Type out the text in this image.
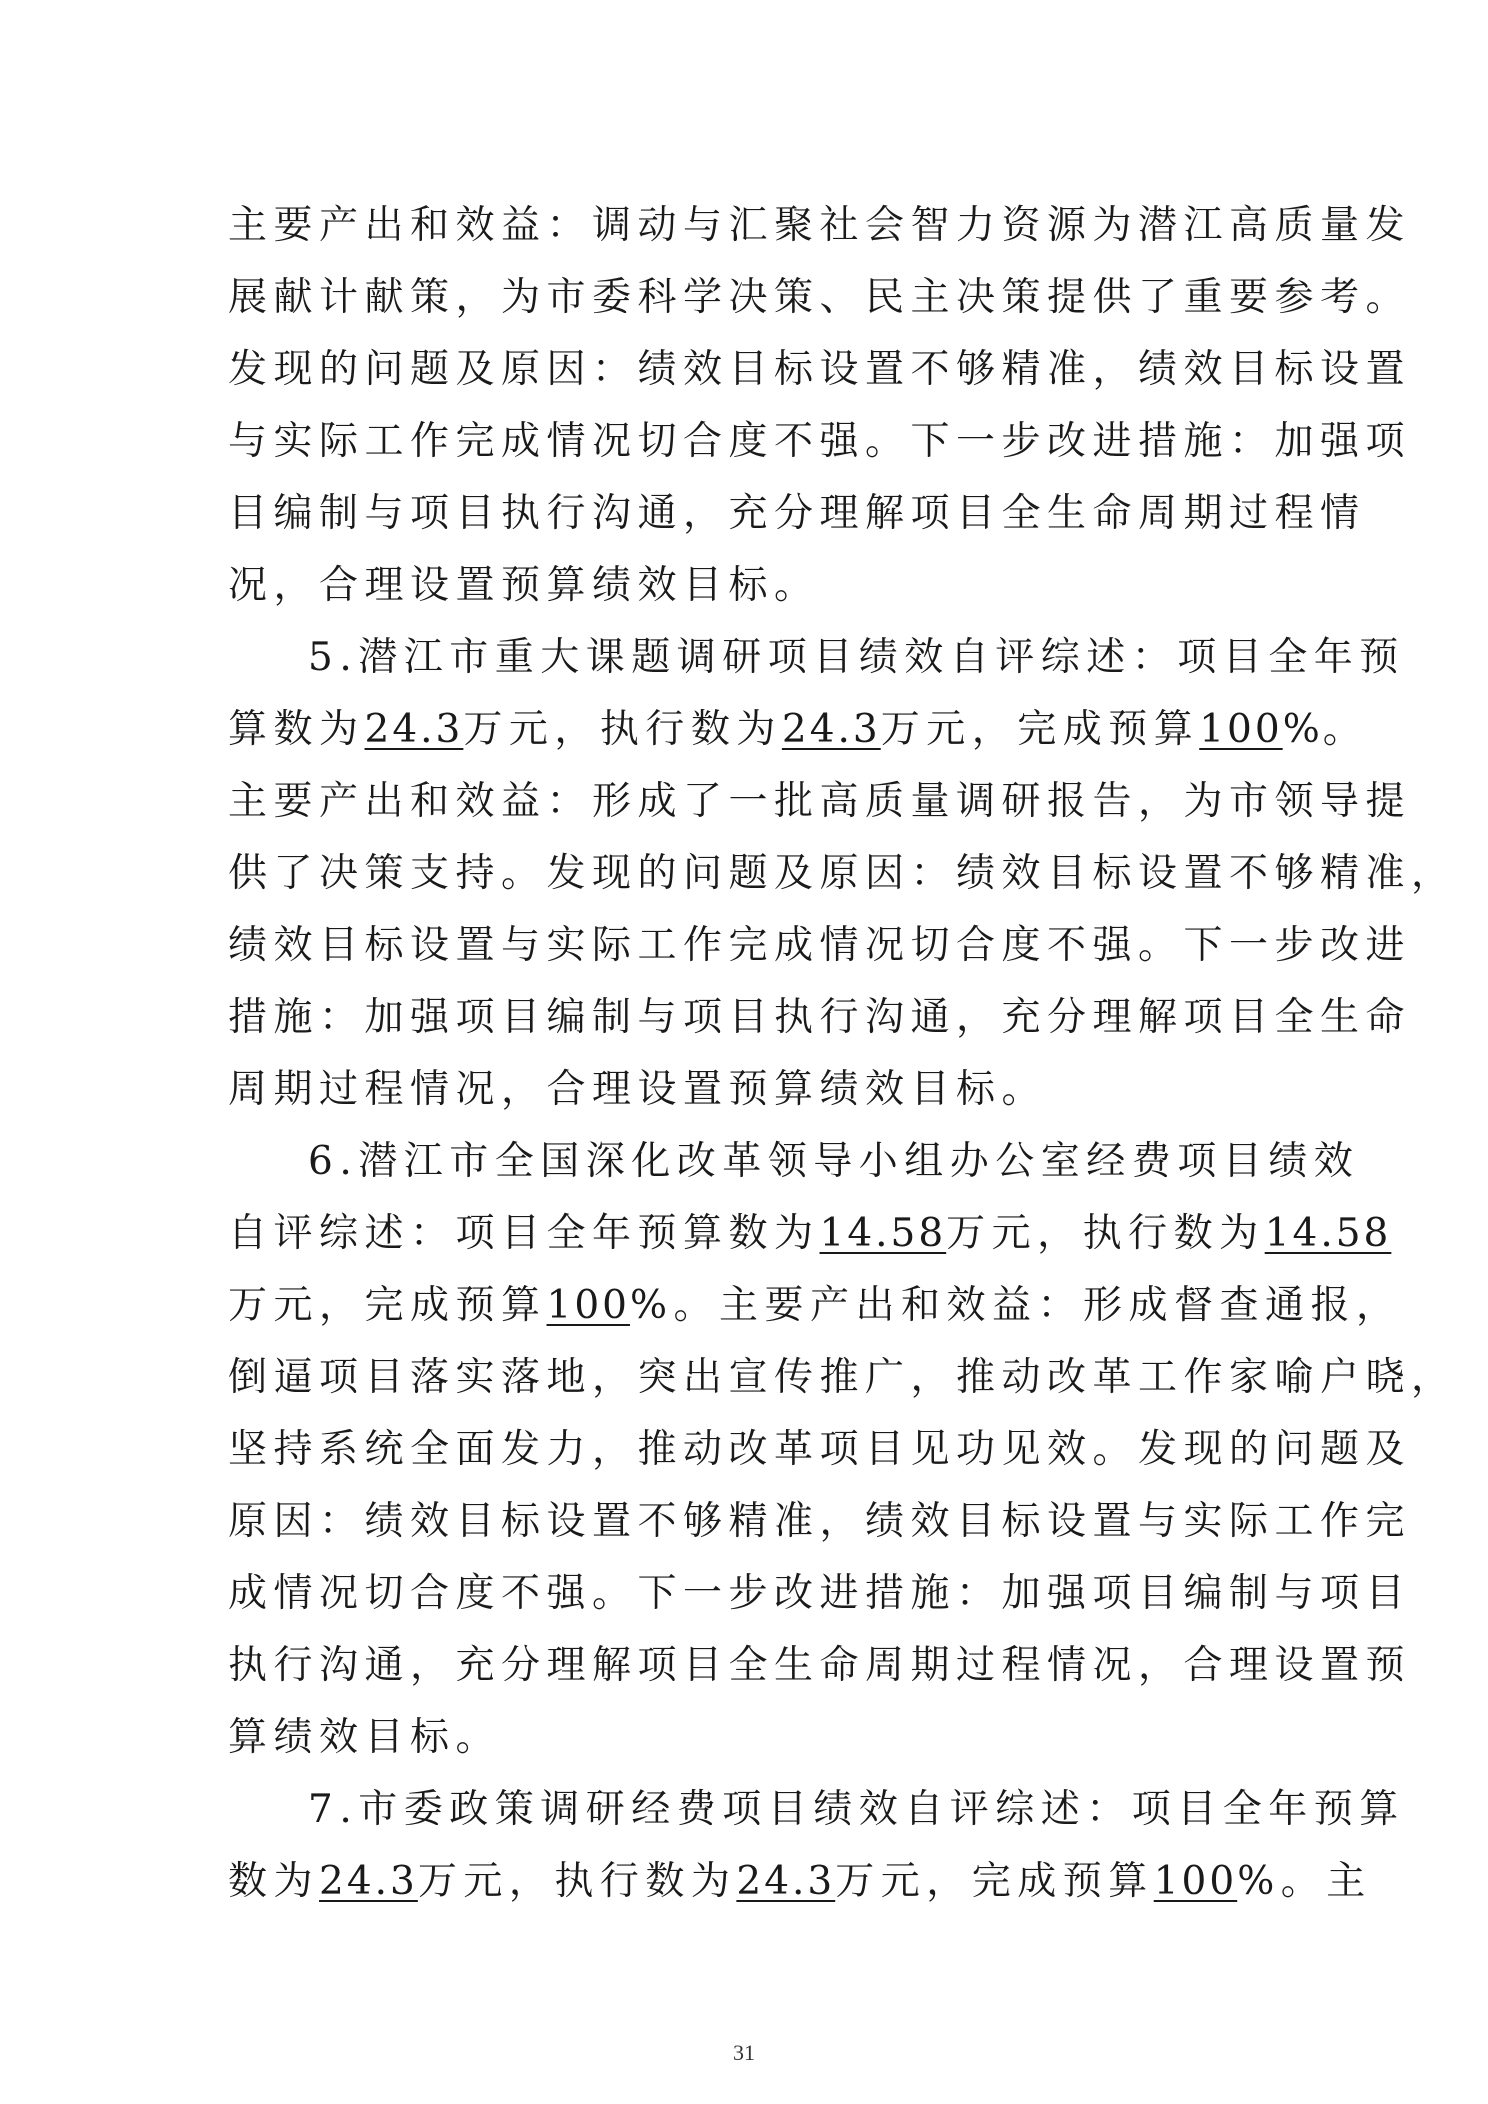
主要产出和效益：调动与汇聚社会智力资源为潜江高质量发
展献计献策，为市委科学决策、民主决策提供了重要参考。
发现的问题及原因：绩效目标设置不够精准，绩效目标设置
与实际工作完成情况切合度不强。下一步改进措施：加强项
目编制与项目执行沟通，充分理解项目全生命周期过程情
况，合理设置预算绩效目标。
5.潜江市重大课题调研项目绩效自评综述：项目全年预
算数为24.3万元，执行数为24.3万元，完成预算100%。
主要产出和效益：形成了一批高质量调研报告，为市领导提
供了决策支持。发现的问题及原因：绩效目标设置不够精准，
绩效目标设置与实际工作完成情况切合度不强。下一步改进
措施：加强项目编制与项目执行沟通，充分理解项目全生命
周期过程情况，合理设置预算绩效目标。
6.潜江市全国深化改革领导小组办公室经费项目绩效
自评综述：项目全年预算数为14.58万元，执行数为14.58
万元，完成预算100%。主要产出和效益：形成督查通报，
倒逼项目落实落地，突出宣传推广，推动改革工作家喻户晓，
坚持系统全面发力，推动改革项目见功见效。发现的问题及
原因：绩效目标设置不够精准，绩效目标设置与实际工作完
成情况切合度不强。下一步改进措施：加强项目编制与项目
执行沟通，充分理解项目全生命周期过程情况，合理设置预
算绩效目标。
7.市委政策调研经费项目绩效自评综述：项目全年预算
数为24.3万元，执行数为24.3万元，完成预算100%。主
31
